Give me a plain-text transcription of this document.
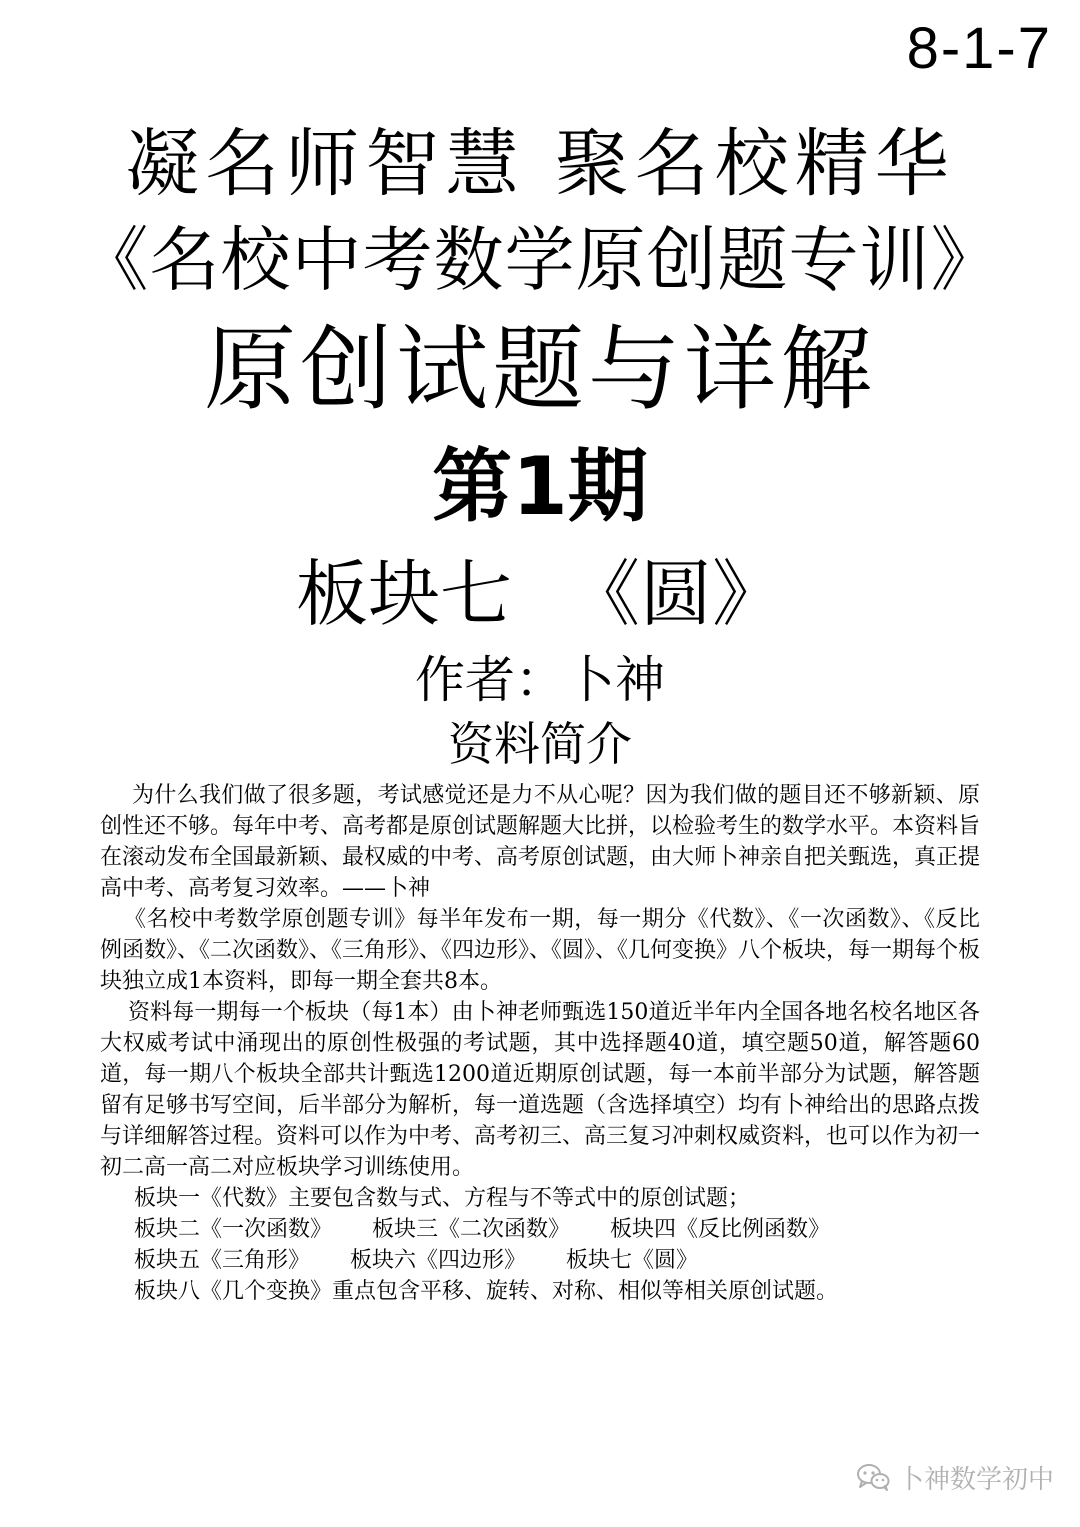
8-1-7
凝名师智慧 聚名校精华
《名校中考数学原创题专训》
原创试题与详解
第1期
板块七 《圆》
作者：卜神
资料简介

为什么我们做了很多题，考试感觉还是力不从心呢？因为我们做的题目还不够新颖、原创性还不够。每年中考、高考都是原创试题解题大比拼，以检验考生的数学水平。本资料旨在滚动发布全国最新颖、最权威的中考、高考原创试题，由大师卜神亲自把关甄选，真正提高中考、高考复习效率。——卜神

《名校中考数学原创题专训》每半年发布一期，每一期分《代数》、《一次函数》、《反比例函数》、《二次函数》、《三角形》、《四边形》、《圆》、《几何变换》八个板块，每一期每个板块独立成1本资料，即每一期全套共8本。

资料每一期每一个板块（每1本）由卜神老师甄选150道近半年内全国各地名校名地区各大权威考试中涌现出的原创性极强的考试题，其中选择题40道，填空题50道，解答题60道，每一期八个板块全部共计甄选1200道近期原创试题，每一本前半部分为试题，解答题留有足够书写空间，后半部分为解析，每一道选题（含选择填空）均有卜神给出的思路点拨与详细解答过程。资料可以作为中考、高考初三、高三复习冲刺权威资料，也可以作为初一初二高一高二对应板块学习训练使用。

板块一《代数》主要包含数与式、方程与不等式中的原创试题；
板块二《一次函数》 板块三《二次函数》 板块四《反比例函数》
板块五《三角形》 板块六《四边形》 板块七《圆》
板块八《几个变换》重点包含平移、旋转、对称、相似等相关原创试题。
卜神数学初中
